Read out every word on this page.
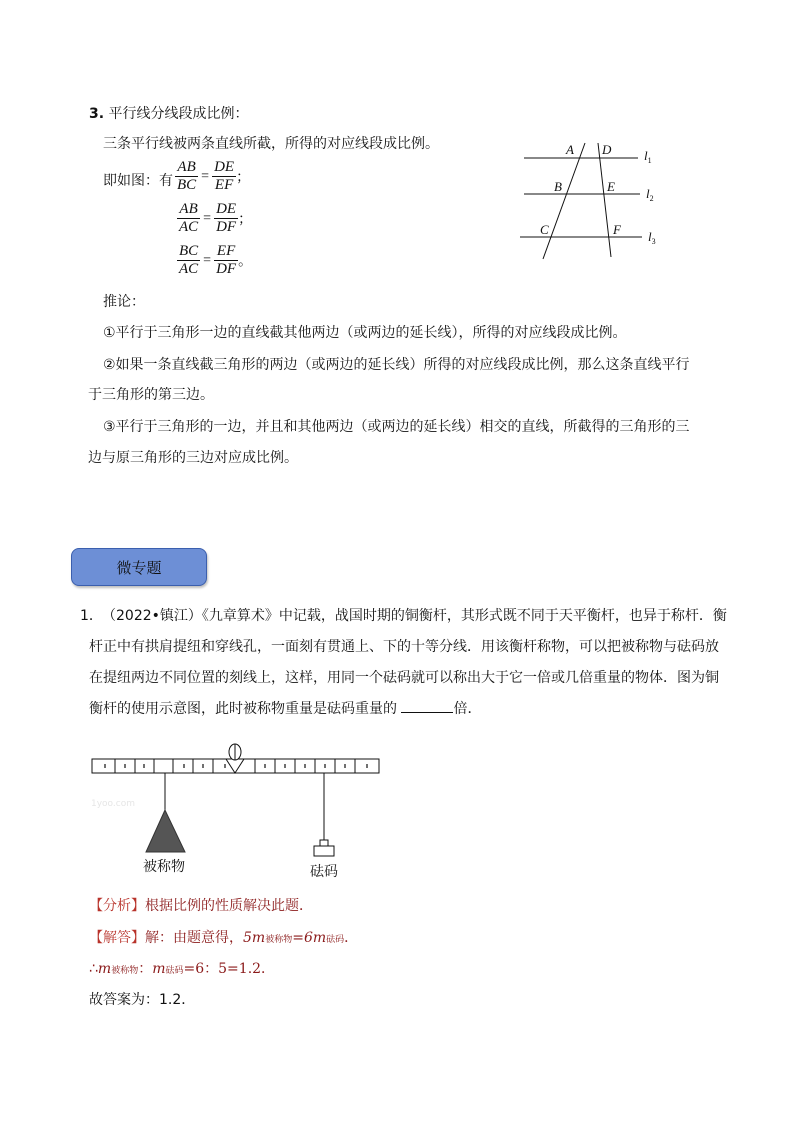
3. 平行线分线段成比例：
三条平行线被两条直线所截，所得的对应线段成比例。
即如图：有 $\frac{AB}{BC} = \frac{DE}{EF}$ ；
$\frac{AB}{AC} = \frac{DE}{DF}$ ；
$\frac{BC}{AC} = \frac{EF}{DF}$ 。
A D
B	E
C	F
$l_1$
$l_2$
$l_3$
推论：
①平行于三角形一边的直线截其他两边（或两边的延长线），所得的对应线段成比例。
②如果一条直线截三角形的两边（或两边的延长线）所得的对应线段成比例，那么这条直线平行
于三角形的第三边。
③平行于三角形的一边，并且和其他两边（或两边的延长线）相交的直线，所截得的三角形的三
边与原三角形的三边对应成比例。
微专题
1． （2022•镇江）《九章算术》中记载，战国时期的铜衡杆，其形式既不同于天平衡杆，也异于称杆．衡
杆正中有拱肩提纽和穿线孔，一面刻有贯通上、下的十等分线．用该衡杆称物，可以把被称物与砝码放
在提纽两边不同位置的刻线上，这样，用同一个砝码就可以称出大于它一倍或几倍重量的物体．图为铜
衡杆的使用示意图，此时被称物重量是砝码重量的	倍．
1yoo.com
被称物	砝码
【分析】根据比例的性质解决此题．
【解答】解：由题意得，5m被称物=6m砝码．
∴m被称物：m砝码=6：5=1.2．
故答案为：1.2．
